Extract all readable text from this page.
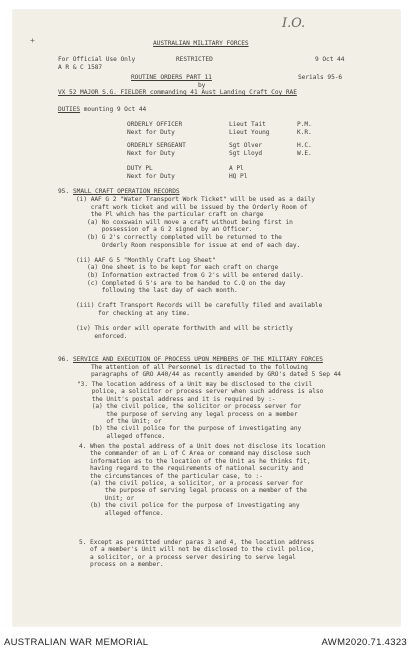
I.O.
+	AUSTRALIAN MILITARY FORCES
For Official Use Only	RESTRICTED	9 Oct 44
A R & C 1587
ROUTINE ORDERS PART 11	Serials 95-6
by
VX 52 MAJOR S.G. FIELDER commanding 41 Aust Landing Craft Coy RAE
DUTIES mounting 9 Oct 44
ORDERLY OFFICER	Lieut Tait	P.M.
Next for Duty	Lieut Young	K.R.
ORDERLY SERGEANT	Sgt Olver	H.C.
Next for Duty	Sgt Lloyd	W.E.
DUTY PL	A Pl
Next for Duty	HQ Pl
95. SMALL CRAFT OPERATION RECORDS
(i) AAF G 2 "Water Transport Work Ticket" will be used as a daily
craft work ticket and will be issued by the Orderly Room of
the Pl which has the particular craft on charge
(a) No coxswain will move a craft without being first in
possession of a G 2 signed by an Officer.
(b) G 2's correctly completed will be returned to the
Orderly Room responsible for issue at end of each day.
(ii) AAF G 5 "Monthly Craft Log Sheet"
(a) One sheet is to be kept for each craft on charge
(b) Information extracted from G 2's will be entered daily.
(c) Completed G 5's are to be handed to C.Q on the day
following the last day of each month.
(iii) Craft Transport Records will be carefully filed and available
for checking at any time.
(iv) This order will operate forthwith and will be strictly
enforced.
96. SERVICE AND EXECUTION OF PROCESS UPON MEMBERS OF THE MILITARY FORCES
The attention of all Personnel is directed to the following
paragraphs of GRO A40/44 as recently amended by GRO's dated 5 Sep 44
"3. The location address of a Unit may be disclosed to the civil
police, a solicitor or process server when such address is also
the Unit's postal address and it is required by :-
(a) the civil police, the solicitor or process server for
the purpose of serving any legal process on a member
of the Unit; or
(b) the civil police for the purpose of investigating any
alleged offence.
4. When the postal address of a Unit does not disclose its location
the commander of an L of C Area or command may disclose such
information as to the location of the Unit as he thinks fit,
having regard to the requirements of national security and
the circumstances of the particular case, to :-
(a) the civil police, a solicitor, or a process server for
the purpose of serving legal process on a member of the
Unit; or
(b) the civil police for the purpose of investigating any
alleged offence.
5. Except as permitted under paras 3 and 4, the location address
of a member's Unit will not be disclosed to the civil police,
a solicitor, or a process server desiring to serve legal
process on a member.
AUSTRALIAN WAR MEMORIAL	AWM2020.71.4323
